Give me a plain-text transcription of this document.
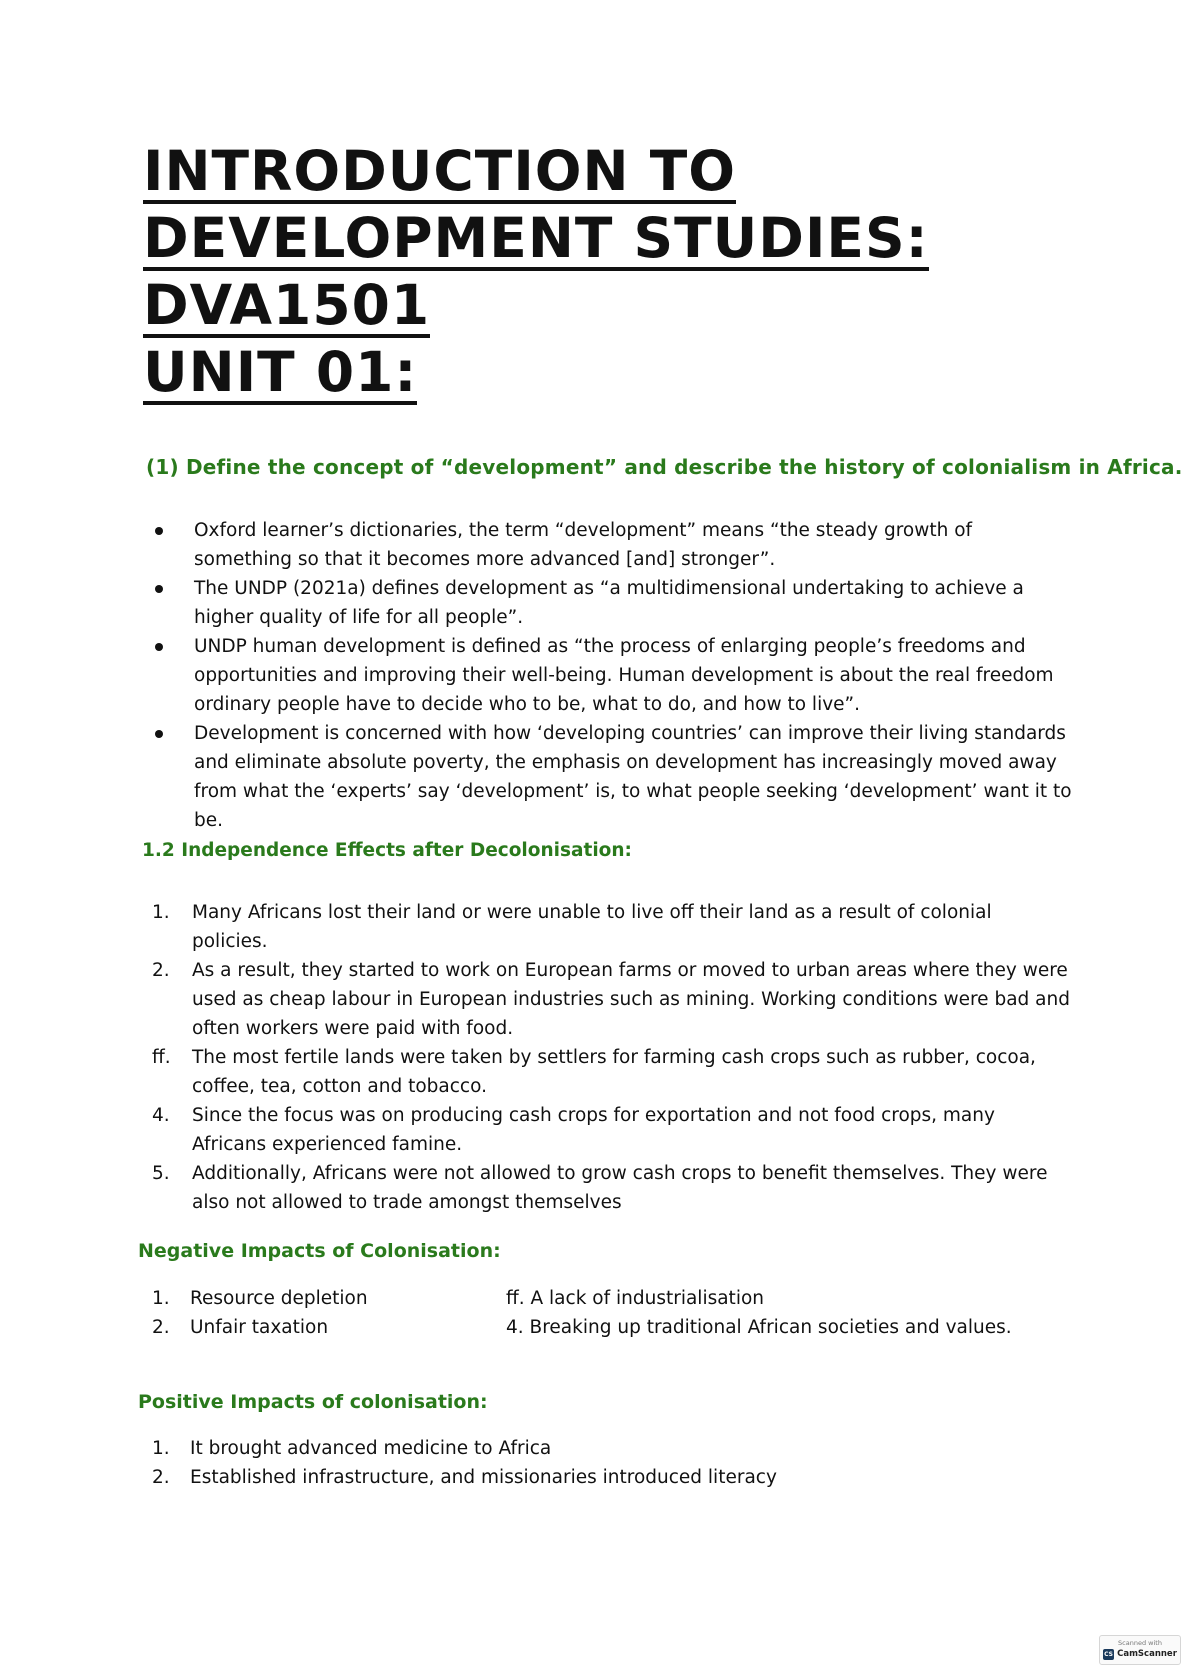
INTRODUCTION TO
DEVELOPMENT STUDIES:
DVA1501
UNIT 01:
(1) Define the concept of “development” and describe the history of colonialism in Africa.
Oxford learner’s dictionaries, the term “development” means “the steady growth of something so that it becomes more advanced [and] stronger”.
The UNDP (2021a) defines development as “a multidimensional undertaking to achieve a higher quality of life for all people”.
UNDP human development is defined as “the process of enlarging people’s freedoms and opportunities and improving their well-being. Human development is about the real freedom ordinary people have to decide who to be, what to do, and how to live”.
Development is concerned with how ‘developing countries’ can improve their living standards and eliminate absolute poverty, the emphasis on development has increasingly moved away from what the ‘experts’ say ‘development’ is, to what people seeking ‘development’ want it to be.
1.2 Independence Effects after Decolonisation:
1. Many Africans lost their land or were unable to live off their land as a result of colonial policies.
2. As a result, they started to work on European farms or moved to urban areas where they were used as cheap labour in European industries such as mining. Working conditions were bad and often workers were paid with food.
ff. The most fertile lands were taken by settlers for farming cash crops such as rubber, cocoa, coffee, tea, cotton and tobacco.
4. Since the focus was on producing cash crops for exportation and not food crops, many Africans experienced famine.
5. Additionally, Africans were not allowed to grow cash crops to benefit themselves. They were also not allowed to trade amongst themselves
Negative Impacts of Colonisation:
1. Resource depletion	ff. A lack of industrialisation
2. Unfair taxation	4. Breaking up traditional African societies and values.
Positive Impacts of colonisation:
1. It brought advanced medicine to Africa
2. Established infrastructure, and missionaries introduced literacy
Scanned with
CS CamScanner
